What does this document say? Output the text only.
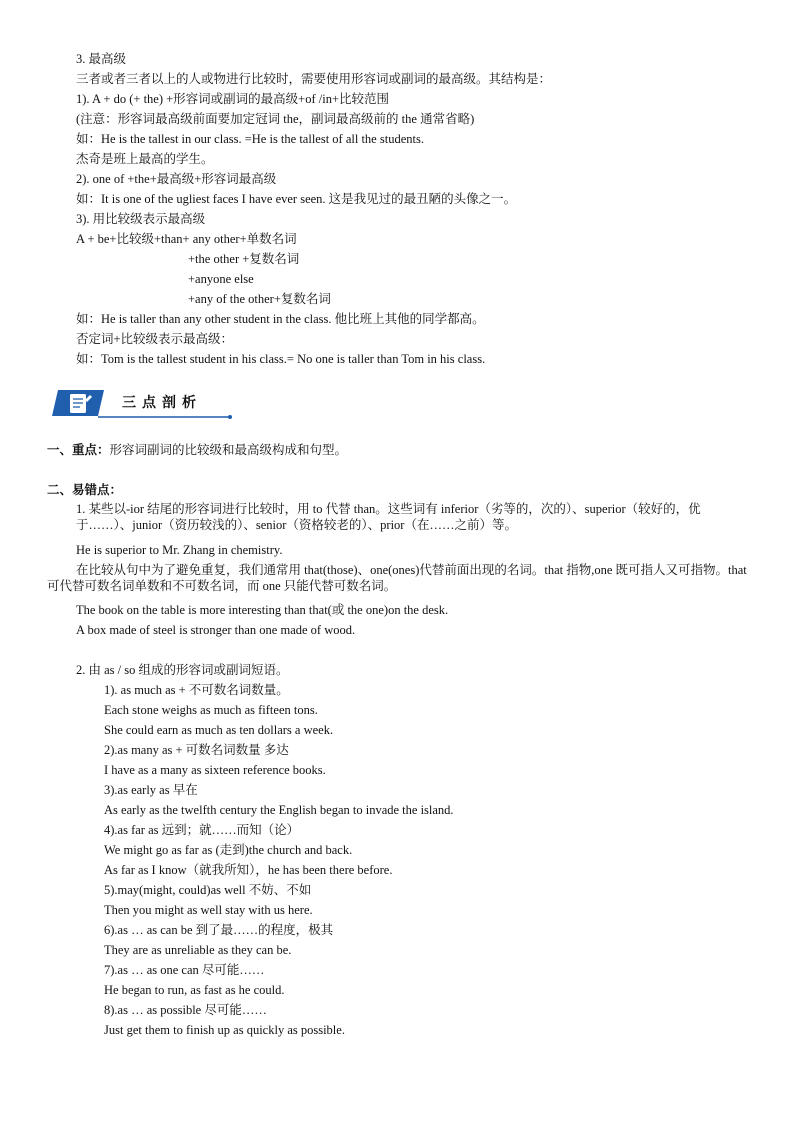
3. 最高级
三者或者三者以上的人或物进行比较时，需要使用形容词或副词的最高级。其结构是：
1). A + do (+ the) +形容词或副词的最高级+of /in+比较范围
(注意：形容词最高级前面要加定冠词 the，副词最高级前的 the 通常省略)
如：He is the tallest in our class. =He is the tallest of all the students.
杰奇是班上最高的学生。
2). one of +the+最高级+形容词最高级
如：It is one of the ugliest faces I have ever seen. 这是我见过的最丑陋的头像之一。
3). 用比较级表示最高级
A + be+比较级+than+ any other+单数名词
+the other +复数名词
+anyone else
+any of the other+复数名词
如：He is taller than any other student in the class. 他比班上其他的同学都高。
否定词+比较级表示最高级：
如：Tom is the tallest student in his class.= No one is taller than Tom in his class.
三点剖析
一、重点：形容词副词的比较级和最高级构成和句型。
二、易错点：
1. 某些以-ior 结尾的形容词进行比较时，用 to 代替 than。这些词有 inferior（劣等的，次的）、superior（较好的，优于……）、junior（资历较浅的）、senior（资格较老的）、prior（在……之前）等。
He is superior to Mr. Zhang in chemistry.
在比较从句中为了避免重复，我们通常用 that(those)、one(ones)代替前面出现的名词。that 指物,one 既可指人又可指物。that 可代替可数名词单数和不可数名词，而 one 只能代替可数名词。
The book on the table is more interesting than that(或 the one)on the desk.
A box made of steel is stronger than one made of wood.
2. 由 as / so 组成的形容词或副词短语。
1). as much as + 不可数名词数量。
Each stone weighs as much as fifteen tons.
She could earn as much as ten dollars a week.
2).as many as + 可数名词数量 多达
I have as a many as sixteen reference books.
3).as early as 早在
As early as the twelfth century the English began to invade the island.
4).as far as 远到；就……而知（论）
We might go as far as (走到)the church and back.
As far as I know（就我所知），he has been there before.
5).may(might, could)as well 不妨、不如
Then you might as well stay with us here.
6).as … as can be 到了最……的程度，极其
They are as unreliable as they can be.
7).as … as one can 尽可能……
He began to run, as fast as he could.
8).as … as possible 尽可能……
Just get them to finish up as quickly as possible.
